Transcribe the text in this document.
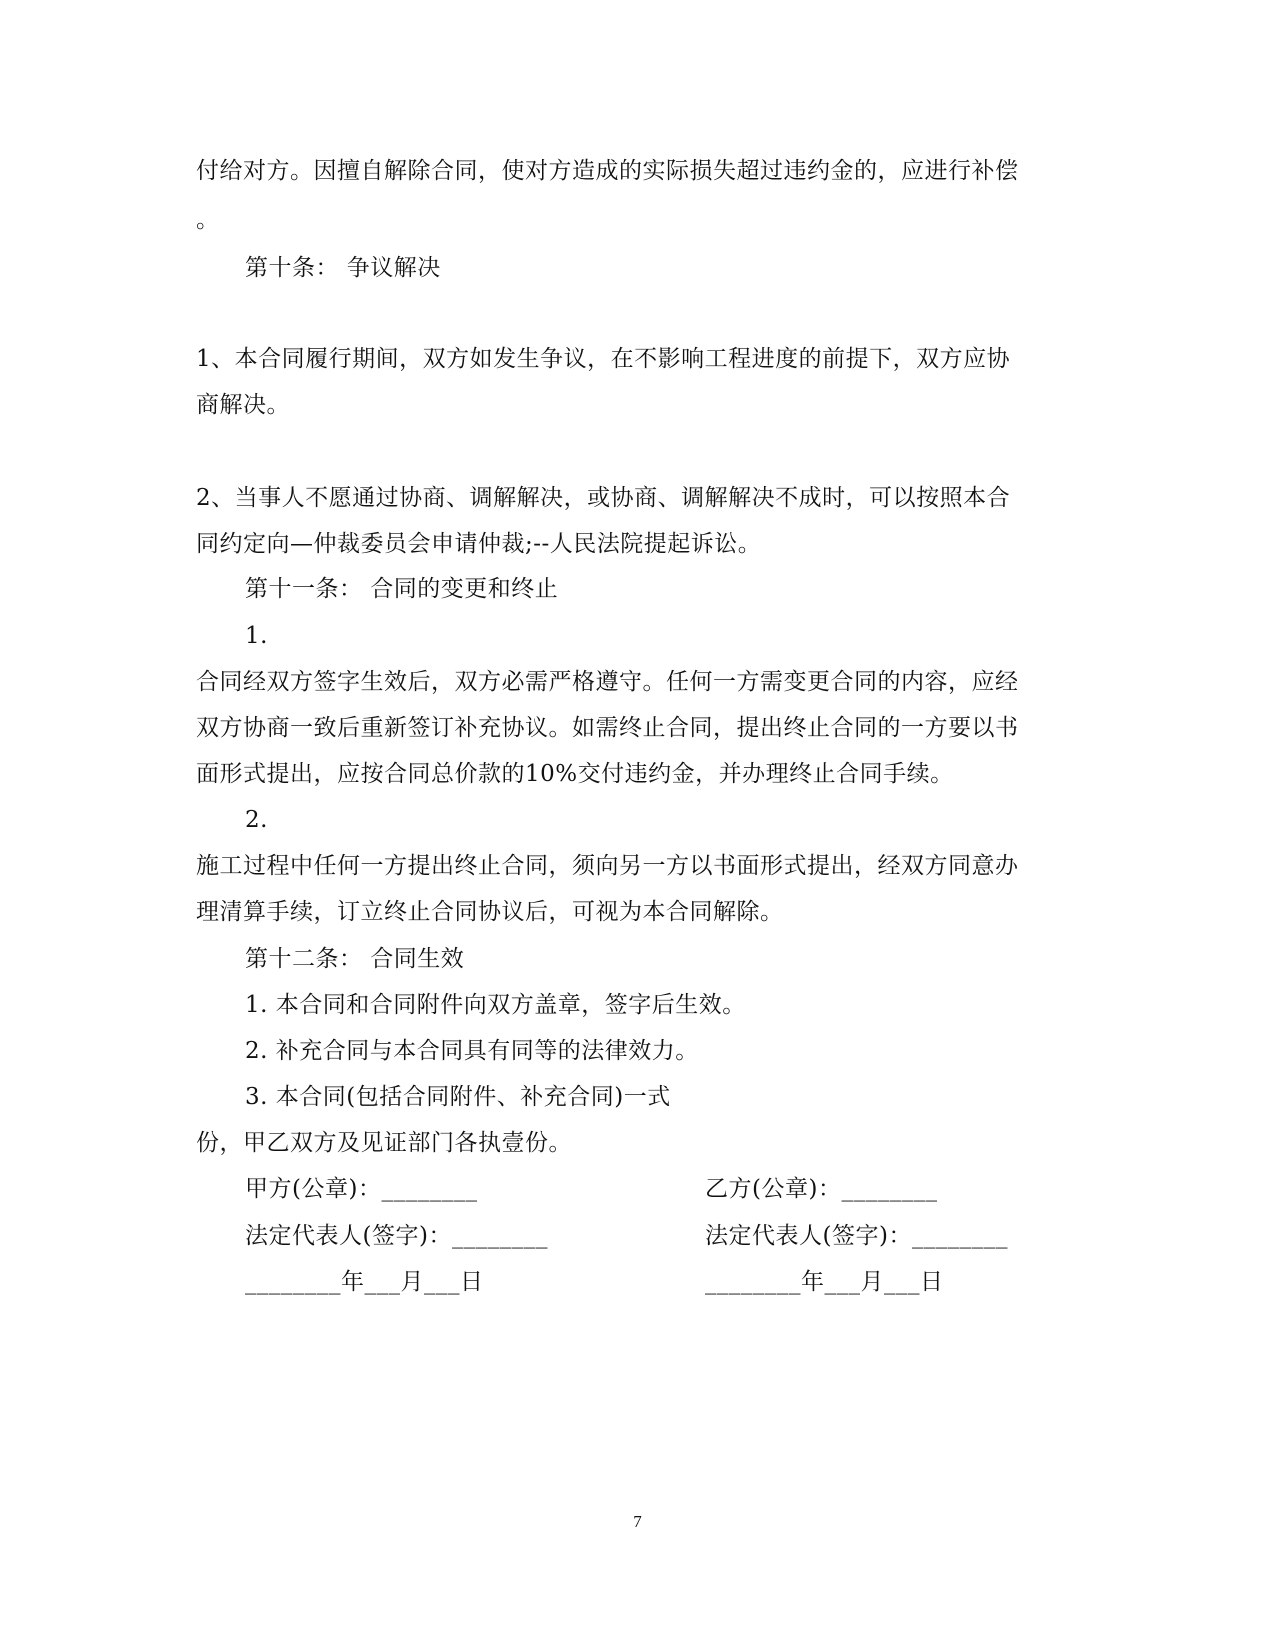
付给对方。因擅自解除合同，使对方造成的实际损失超过违约金的，应进行补偿
。
第十条： 争议解决
1、本合同履行期间，双方如发生争议，在不影响工程进度的前提下，双方应协
商解决。
2、当事人不愿通过协商、调解解决，或协商、调解解决不成时，可以按照本合
同约定向—仲裁委员会申请仲裁;--人民法院提起诉讼。
第十一条： 合同的变更和终止
1.
合同经双方签字生效后，双方必需严格遵守。任何一方需变更合同的内容，应经
双方协商一致后重新签订补充协议。如需终止合同，提出终止合同的一方要以书
面形式提出，应按合同总价款的10%交付违约金，并办理终止合同手续。
2.
施工过程中任何一方提出终止合同，须向另一方以书面形式提出，经双方同意办
理清算手续，订立终止合同协议后，可视为本合同解除。
第十二条： 合同生效
1. 本合同和合同附件向双方盖章，签字后生效。
2. 补充合同与本合同具有同等的法律效力。
3. 本合同(包括合同附件、补充合同)一式
份，甲乙双方及见证部门各执壹份。
甲方(公章)：________	乙方(公章)：________
法定代表人(签字)：________	法定代表人(签字)：________
________年___月___日	________年___月___日
7
